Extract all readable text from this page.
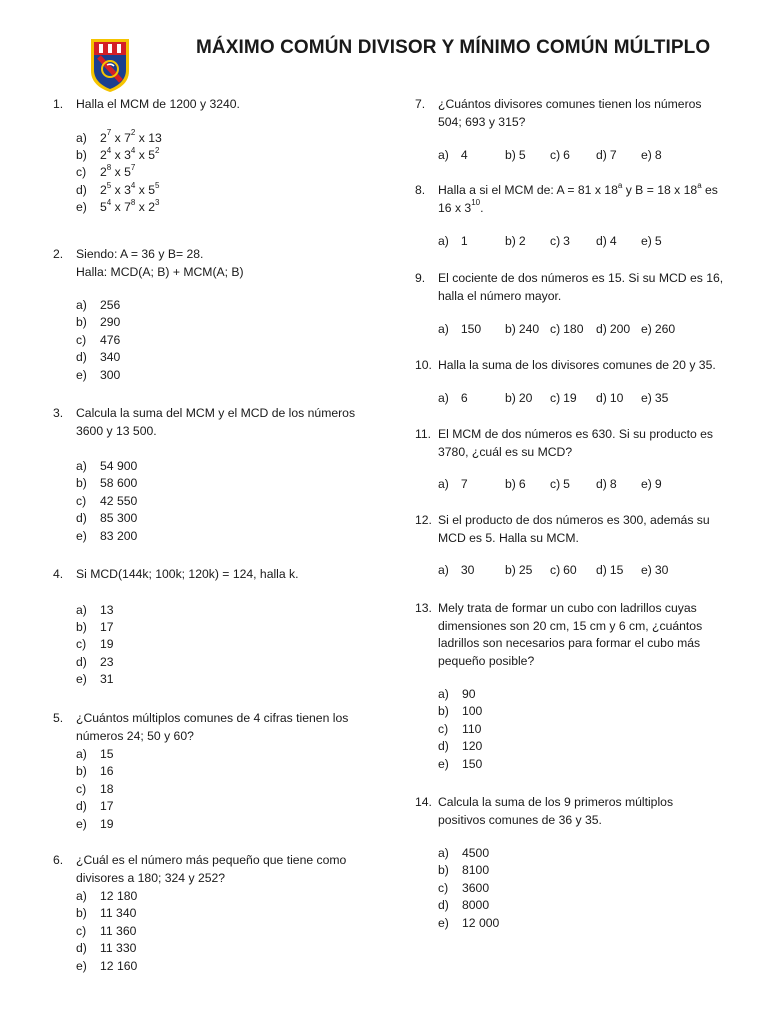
MÁXIMO COMÚN DIVISOR Y MÍNIMO COMÚN MÚLTIPLO
1. Halla el MCM de 1200 y 3240.
a) $2^7$ x $7^2$ x 13
b) $2^4$ x $3^4$ x $5^2$
c) $2^8$ x $5^7$
d) $2^5$ x $3^4$ x $5^5$
e) $5^4$ x $7^8$ x $2^3$
2. Siendo: A = 36 y B= 28.
Halla: MCD(A; B) + MCM(A; B)
a) 256
b) 290
c) 476
d) 340
e) 300
3. Calcula la suma del MCM y el MCD de los números
3600 y 13 500.
a) 54 900
b) 58 600
c) 42 550
d) 85 300
e) 83 200
4. Si MCD(144k; 100k; 120k) = 124, halla k.
a) 13
b) 17
c) 19
d) 23
e) 31
5. ¿Cuántos múltiplos comunes de 4 cifras tienen los
números 24; 50 y 60?
a) 15
b) 16
c) 18
d) 17
e) 19
6. ¿Cuál es el número más pequeño que tiene como
divisores a 180; 324 y 252?
a) 12 180
b) 11 340
c) 11 360
d) 11 330
e) 12 160
7. ¿Cuántos divisores comunes tienen los números
504; 693 y 315?
a) 4	b) 5	c) 6	d) 7	e) 8
8. Halla a si el MCM de: A = 81 x 18$^a$ y B = 18 x 18$^a$ es
16 x $3^{10}$.
a) 1	b) 2	c) 3	d) 4	e) 5
9. El cociente de dos números es 15. Si su MCD es 16,
halla el número mayor.
a) 150	b) 240 c) 180	d) 200 e) 260
10. Halla la suma de los divisores comunes de 20 y 35.
a) 6	b) 20	c) 19	d) 10	e) 35
11. El MCM de dos números es 630. Si su producto es
3780, ¿cuál es su MCD?
a) 7	b) 6	c) 5	d) 8	e) 9
12. Si el producto de dos números es 300, además su
MCD es 5. Halla su MCM.
a) 30	b) 25	c) 60	d) 15	e) 30
13. Mely trata de formar un cubo con ladrillos cuyas
dimensiones son 20 cm, 15 cm y 6 cm, ¿cuántos
ladrillos son necesarios para formar el cubo más
pequeño posible?
a) 90
b) 100
c) 110
d) 120
e) 150
14. Calcula la suma de los 9 primeros múltiplos
positivos comunes de 36 y 35.
a) 4500
b) 8100
c) 3600
d) 8000
e) 12 000
